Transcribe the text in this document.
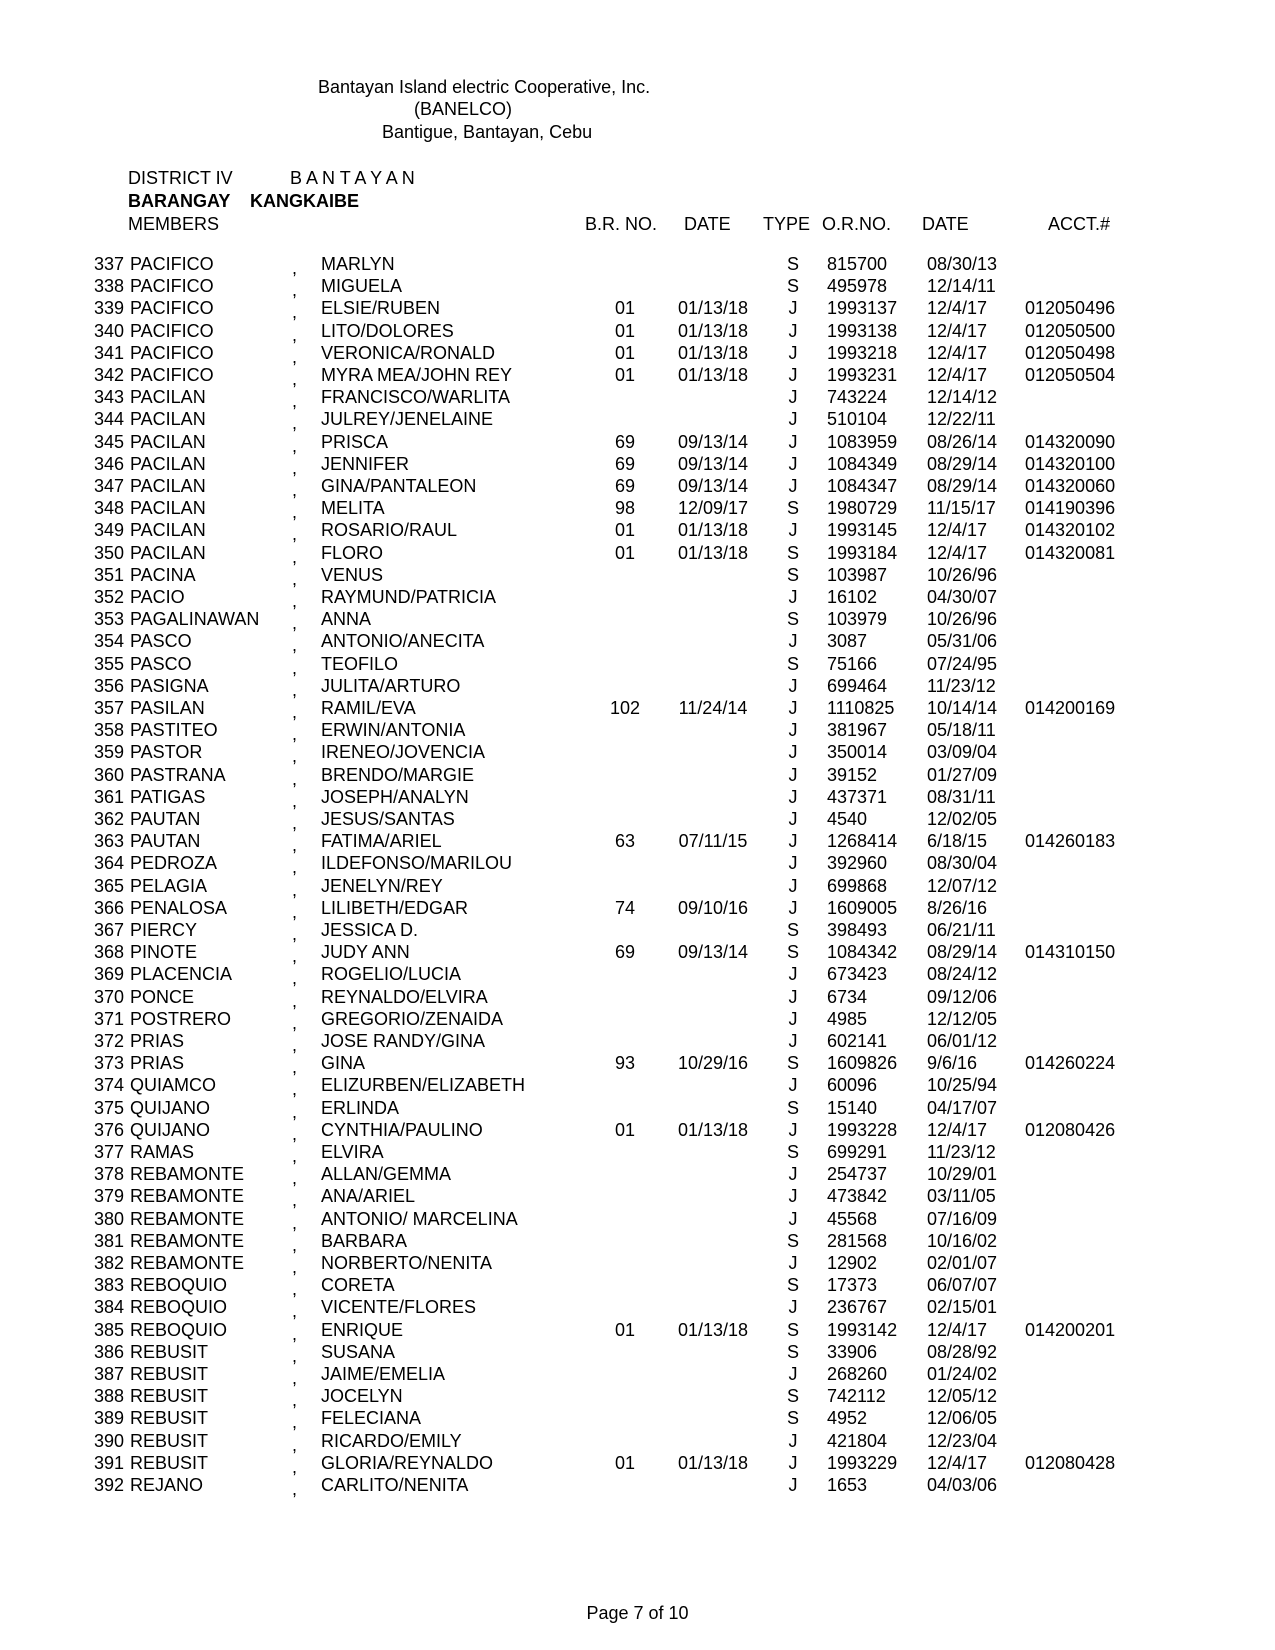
Bantayan Island electric Cooperative, Inc.
(BANELCO)
Bantigue, Bantayan, Cebu
DISTRICT IV	B A N T A Y A N
BARANGAY KANGKAIBE
MEMBERS	B.R. NO. DATE TYPE O.R.NO. DATE	ACCT.#
337 PACIFICO	, MARLYN	S 815700 08/30/13
338 PACIFICO	, MIGUELA	S 495978 12/14/11
339 PACIFICO	, ELSIE/RUBEN	01	01/13/18	J	1993137 12/4/17 012050496
340 PACIFICO	, LITO/DOLORES	01	01/13/18	J	1993138 12/4/17 012050500
341 PACIFICO	, VERONICA/RONALD	01	01/13/18	J	1993218 12/4/17 012050498
342 PACIFICO	, MYRA MEA/JOHN REY	01	01/13/18	J	1993231 12/4/17 012050504
343 PACILAN	, FRANCISCO/WARLITA	J	743224 12/14/12
344 PACILAN	, JULREY/JENELAINE	J	510104 12/22/11
345 PACILAN	, PRISCA	69	09/13/14	J	1083959 08/26/14 014320090
346 PACILAN	, JENNIFER	69	09/13/14	J	1084349 08/29/14 014320100
347 PACILAN	, GINA/PANTALEON	69	09/13/14	J	1084347 08/29/14 014320060
348 PACILAN	, MELITA	98	12/09/17	S 1980729 11/15/17 014190396
349 PACILAN	, ROSARIO/RAUL	01	01/13/18	J	1993145 12/4/17 014320102
350 PACILAN	, FLORO	01	01/13/18	S 1993184 12/4/17 014320081
351 PACINA	, VENUS	S 103987 10/26/96
352 PACIO	, RAYMUND/PATRICIA	J	16102	04/30/07
353 PAGALINAWAN , ANNA	S 103979 10/26/96
354 PASCO	, ANTONIO/ANECITA	J	3087	05/31/06
355 PASCO	, TEOFILO	S 75166	07/24/95
356 PASIGNA	, JULITA/ARTURO	J	699464 11/23/12
357 PASILAN	, RAMIL/EVA	102	11/24/14	J	1110825 10/14/14 014200169
358 PASTITEO	, ERWIN/ANTONIA	J	381967 05/18/11
359 PASTOR	, IRENEO/JOVENCIA	J	350014 03/09/04
360 PASTRANA	, BRENDO/MARGIE	J	39152	01/27/09
361 PATIGAS	, JOSEPH/ANALYN	J	437371 08/31/11
362 PAUTAN	, JESUS/SANTAS	J	4540	12/02/05
363 PAUTAN	, FATIMA/ARIEL	63	07/11/15	J	1268414 6/18/15 014260183
364 PEDROZA	, ILDEFONSO/MARILOU	J	392960 08/30/04
365 PELAGIA	, JENELYN/REY	J	699868 12/07/12
366 PENALOSA	, LILIBETH/EDGAR	74	09/10/16	J	1609005 8/26/16
367 PIERCY	, JESSICA D.	S 398493 06/21/11
368 PINOTE	, JUDY ANN	69	09/13/14	S 1084342 08/29/14 014310150
369 PLACENCIA	, ROGELIO/LUCIA	J	673423 08/24/12
370 PONCE	, REYNALDO/ELVIRA	J	6734	09/12/06
371 POSTRERO	, GREGORIO/ZENAIDA	J	4985	12/12/05
372 PRIAS	, JOSE RANDY/GINA	J	602141 06/01/12
373 PRIAS	, GINA	93	10/29/16	S 1609826 9/6/16	014260224
374 QUIAMCO	, ELIZURBEN/ELIZABETH	J	60096	10/25/94
375 QUIJANO	, ERLINDA	S 15140	04/17/07
376 QUIJANO	, CYNTHIA/PAULINO	01	01/13/18	J	1993228 12/4/17 012080426
377 RAMAS	, ELVIRA	S 699291 11/23/12
378 REBAMONTE	, ALLAN/GEMMA	J	254737 10/29/01
379 REBAMONTE	, ANA/ARIEL	J	473842 03/11/05
380 REBAMONTE	, ANTONIO/ MARCELINA	J	45568	07/16/09
381 REBAMONTE	, BARBARA	S 281568 10/16/02
382 REBAMONTE	, NORBERTO/NENITA	J	12902	02/01/07
383 REBOQUIO	, CORETA	S 17373	06/07/07
384 REBOQUIO	, VICENTE/FLORES	J	236767 02/15/01
385 REBOQUIO	, ENRIQUE	01	01/13/18	S 1993142 12/4/17 014200201
386 REBUSIT	, SUSANA	S 33906	08/28/92
387 REBUSIT	, JAIME/EMELIA	J	268260 01/24/02
388 REBUSIT	, JOCELYN	S 742112 12/05/12
389 REBUSIT	, FELECIANA	S 4952	12/06/05
390 REBUSIT	, RICARDO/EMILY	J	421804 12/23/04
391 REBUSIT	, GLORIA/REYNALDO	01	01/13/18	J	1993229 12/4/17 012080428
392 REJANO	, CARLITO/NENITA	J	1653	04/03/06
Page 7 of 10
